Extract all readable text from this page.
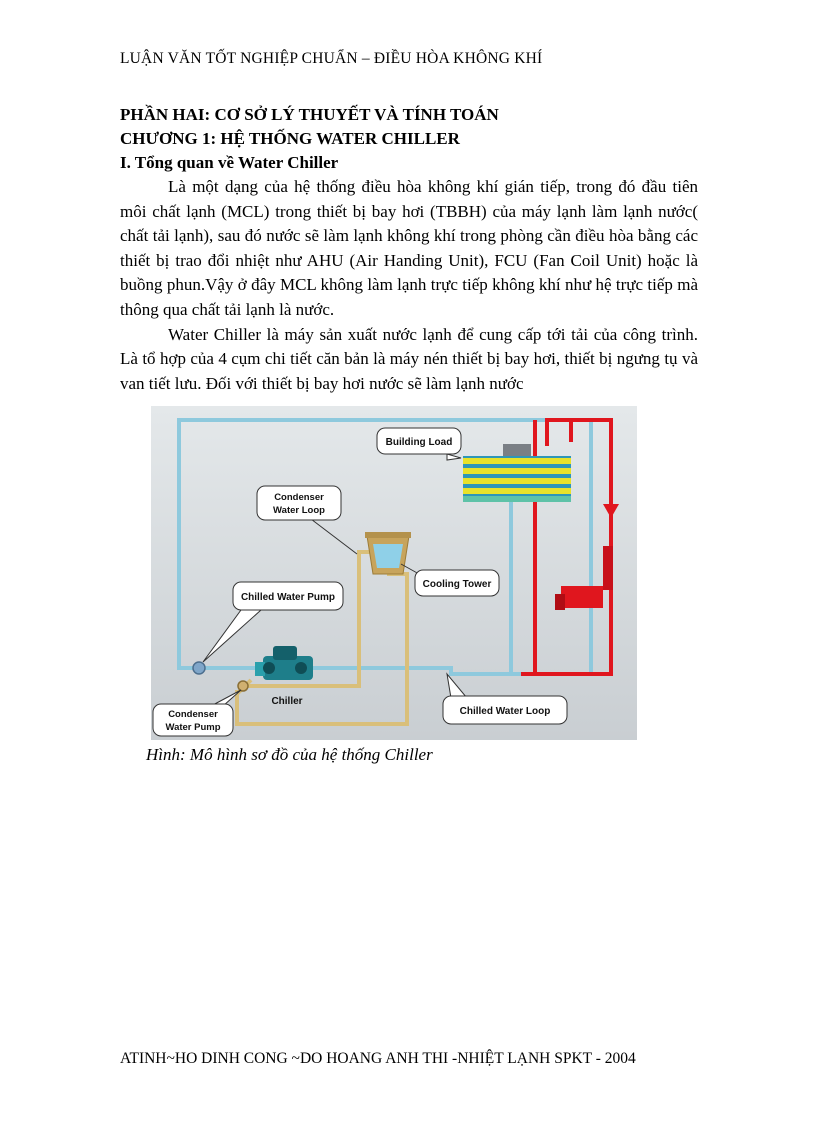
LUẬN VĂN TỐT NGHIỆP CHUẨN – ĐIỀU HÒA KHÔNG KHÍ
PHẦN HAI: CƠ SỞ LÝ THUYẾT VÀ TÍNH TOÁN
CHƯƠNG 1: HỆ THỐNG WATER CHILLER
I. Tổng quan về Water Chiller

Là một dạng của hệ thống điều hòa không khí gián tiếp, trong đó đầu tiên môi chất lạnh (MCL) trong thiết bị bay hơi (TBBH) của máy lạnh làm lạnh nước( chất tải lạnh), sau đó nước sẽ làm lạnh không khí trong phòng cần điều hòa bằng các thiết bị trao đổi nhiệt như AHU (Air Handing Unit), FCU (Fan Coil Unit) hoặc là buồng phun.Vậy ở đây MCL không làm lạnh trực tiếp không khí như hệ trực tiếp mà thông qua chất tải lạnh là nước.

Water Chiller là máy sản xuất nước lạnh để cung cấp tới tải của công trình. Là tổ hợp của 4 cụm chi tiết căn bản là máy nén thiết bị bay hơi, thiết bị ngưng tụ và van tiết lưu. Đối với thiết bị bay hơi nước sẽ làm lạnh nước

Building Load
Condenser
Water Loop
Cooling Tower
Chilled Water Pump
Chiller
Condenser
Water Pump
Chilled Water Loop
Hình: Mô hình sơ đồ của hệ thống Chiller
ATINH~HO DINH CONG ~DO HOANG ANH THI -NHIỆT LẠNH SPKT - 2004
